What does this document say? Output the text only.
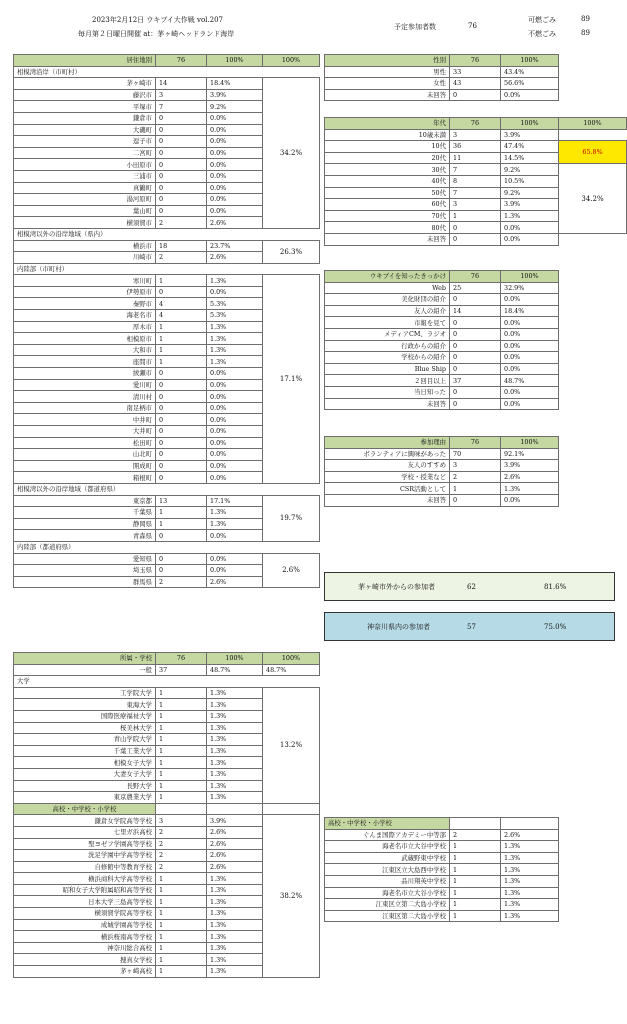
2023年2月12日 ウキブイ大作戦 vol.207
毎月第２日曜日開催 at：茅ヶ崎ヘッドランド海岸
予定参加者数	76
可燃ごみ	89
不燃ごみ	89
居住地別	76	100%	100%
相模湾沿岸（市町村）			
茅ヶ崎市	14	18.4%	34.2%
藤沢市	3	3.9%	
平塚市	7	9.2%	
鎌倉市	0	0.0%	
大磯町	0	0.0%	
逗子市	0	0.0%	
二宮町	0	0.0%	
小田原市	0	0.0%	
三浦市	0	0.0%	
真鶴町	0	0.0%	
湯河原町	0	0.0%	
葉山町	0	0.0%	
横須賀市	2	2.6%	
相模湾以外の沿岸地域（県内）			
横浜市	18	23.7%	26.3%
川崎市	2	2.6%	
内陸部（市町村）			
寒川町	1	1.3%	17.1%
伊勢原市	0	0.0%	
秦野市	4	5.3%	
海老名市	4	5.3%	
厚木市	1	1.3%	
相模原市	1	1.3%	
大和市	1	1.3%	
座間市	1	1.3%	
綾瀬市	0	0.0%	
愛川町	0	0.0%	
清川村	0	0.0%	
南足柄市	0	0.0%	
中井町	0	0.0%	
大井町	0	0.0%	
松田町	0	0.0%	
山北町	0	0.0%	
開成町	0	0.0%	
箱根町	0	0.0%	
相模湾以外の沿岸地域（都道府県）			
東京都	13	17.1%	19.7%
千葉県	1	1.3%	
静岡県	1	1.3%	
青森県	0	0.0%	
内陸部（都道府県）			
愛知県	0	0.0%	2.6%
埼玉県	0	0.0%	
群馬県	2	2.6%	
性別	76	100%
男性	33	43.4%
女性	43	56.6%
未回答	0	0.0%
年代	76	100%	100%
10歳未満	3	3.9%	
10代	36	47.4%	65.8%
20代	11	14.5%	
30代	7	9.2%	34.2%
40代	8	10.5%	
50代	7	9.2%	
60代	3	3.9%	
70代	1	1.3%	
80代	0	0.0%	
未回答	0	0.0%	
ウキブイを知ったきっかけ	76	100%
Web	25	32.9%
美化財団の紹介	0	0.0%
友人の紹介	14	18.4%
市報を見て	0	0.0%
メディアCM、ラジオ	0	0.0%
行政からの紹介	0	0.0%
学校からの紹介	0	0.0%
Blue Ship	0	0.0%
２回目以上	37	48.7%
当日知った	0	0.0%
未回答	0	0.0%
参加理由	76	100%
ボランティアに興味があった	70	92.1%
友人のすすめ	3	3.9%
学校・授業など	2	2.6%
CSR活動として	1	1.3%
未回答	0	0.0%
茅ヶ崎市外からの参加者	62	81.6%
神奈川県内の参加者	57	75.0%
所属・学校	76	100%	100%
一般	37	48.7%	48.7%
大学			
工学院大学	1	1.3%	13.2%
東海大学	1	1.3%	
国際医療福祉大学	1	1.3%	
桜美林大学	1	1.3%	
青山学院大学	1	1.3%	
千葉工業大学	1	1.3%	
相模女子大学	1	1.3%	
大妻女子大学	1	1.3%	
長野大学	1	1.3%	
東京農業大学	1	1.3%	
高校・中学校・小学校			
鎌倉女学院高等学校	3	3.9%	38.2%
七里ガ浜高校	2	2.6%	
聖ヨゼフ学園高等学校	2	2.6%	
洗足学園中学高等学校	2	2.6%	
自修館中等教育学校	2	2.6%	
横浜商科大学高等学校	1	1.3%	
昭和女子大学附属昭和高等学校	1	1.3%	
日本大学三島高等学校	1	1.3%	
横須賀学院高等学校	1	1.3%	
成城学園高等学校	1	1.3%	
横浜桜南高等学校	1	1.3%	
神奈川総合高校	1	1.3%	
捜真女学校	1	1.3%	
茅ヶ崎高校	1	1.3%	
高校・中学校・小学校		
ぐんま国際アカデミー中等部	2	2.6%
海老名市立大谷中学校	1	1.3%
武蔵野東中学校	1	1.3%
江東区立大島西中学校	1	1.3%
品川翔英中学校	1	1.3%
海老名市立大谷小学校	1	1.3%
江東区立第二大島小学校	1	1.3%
江東区第二大島小学校	1	1.3%
